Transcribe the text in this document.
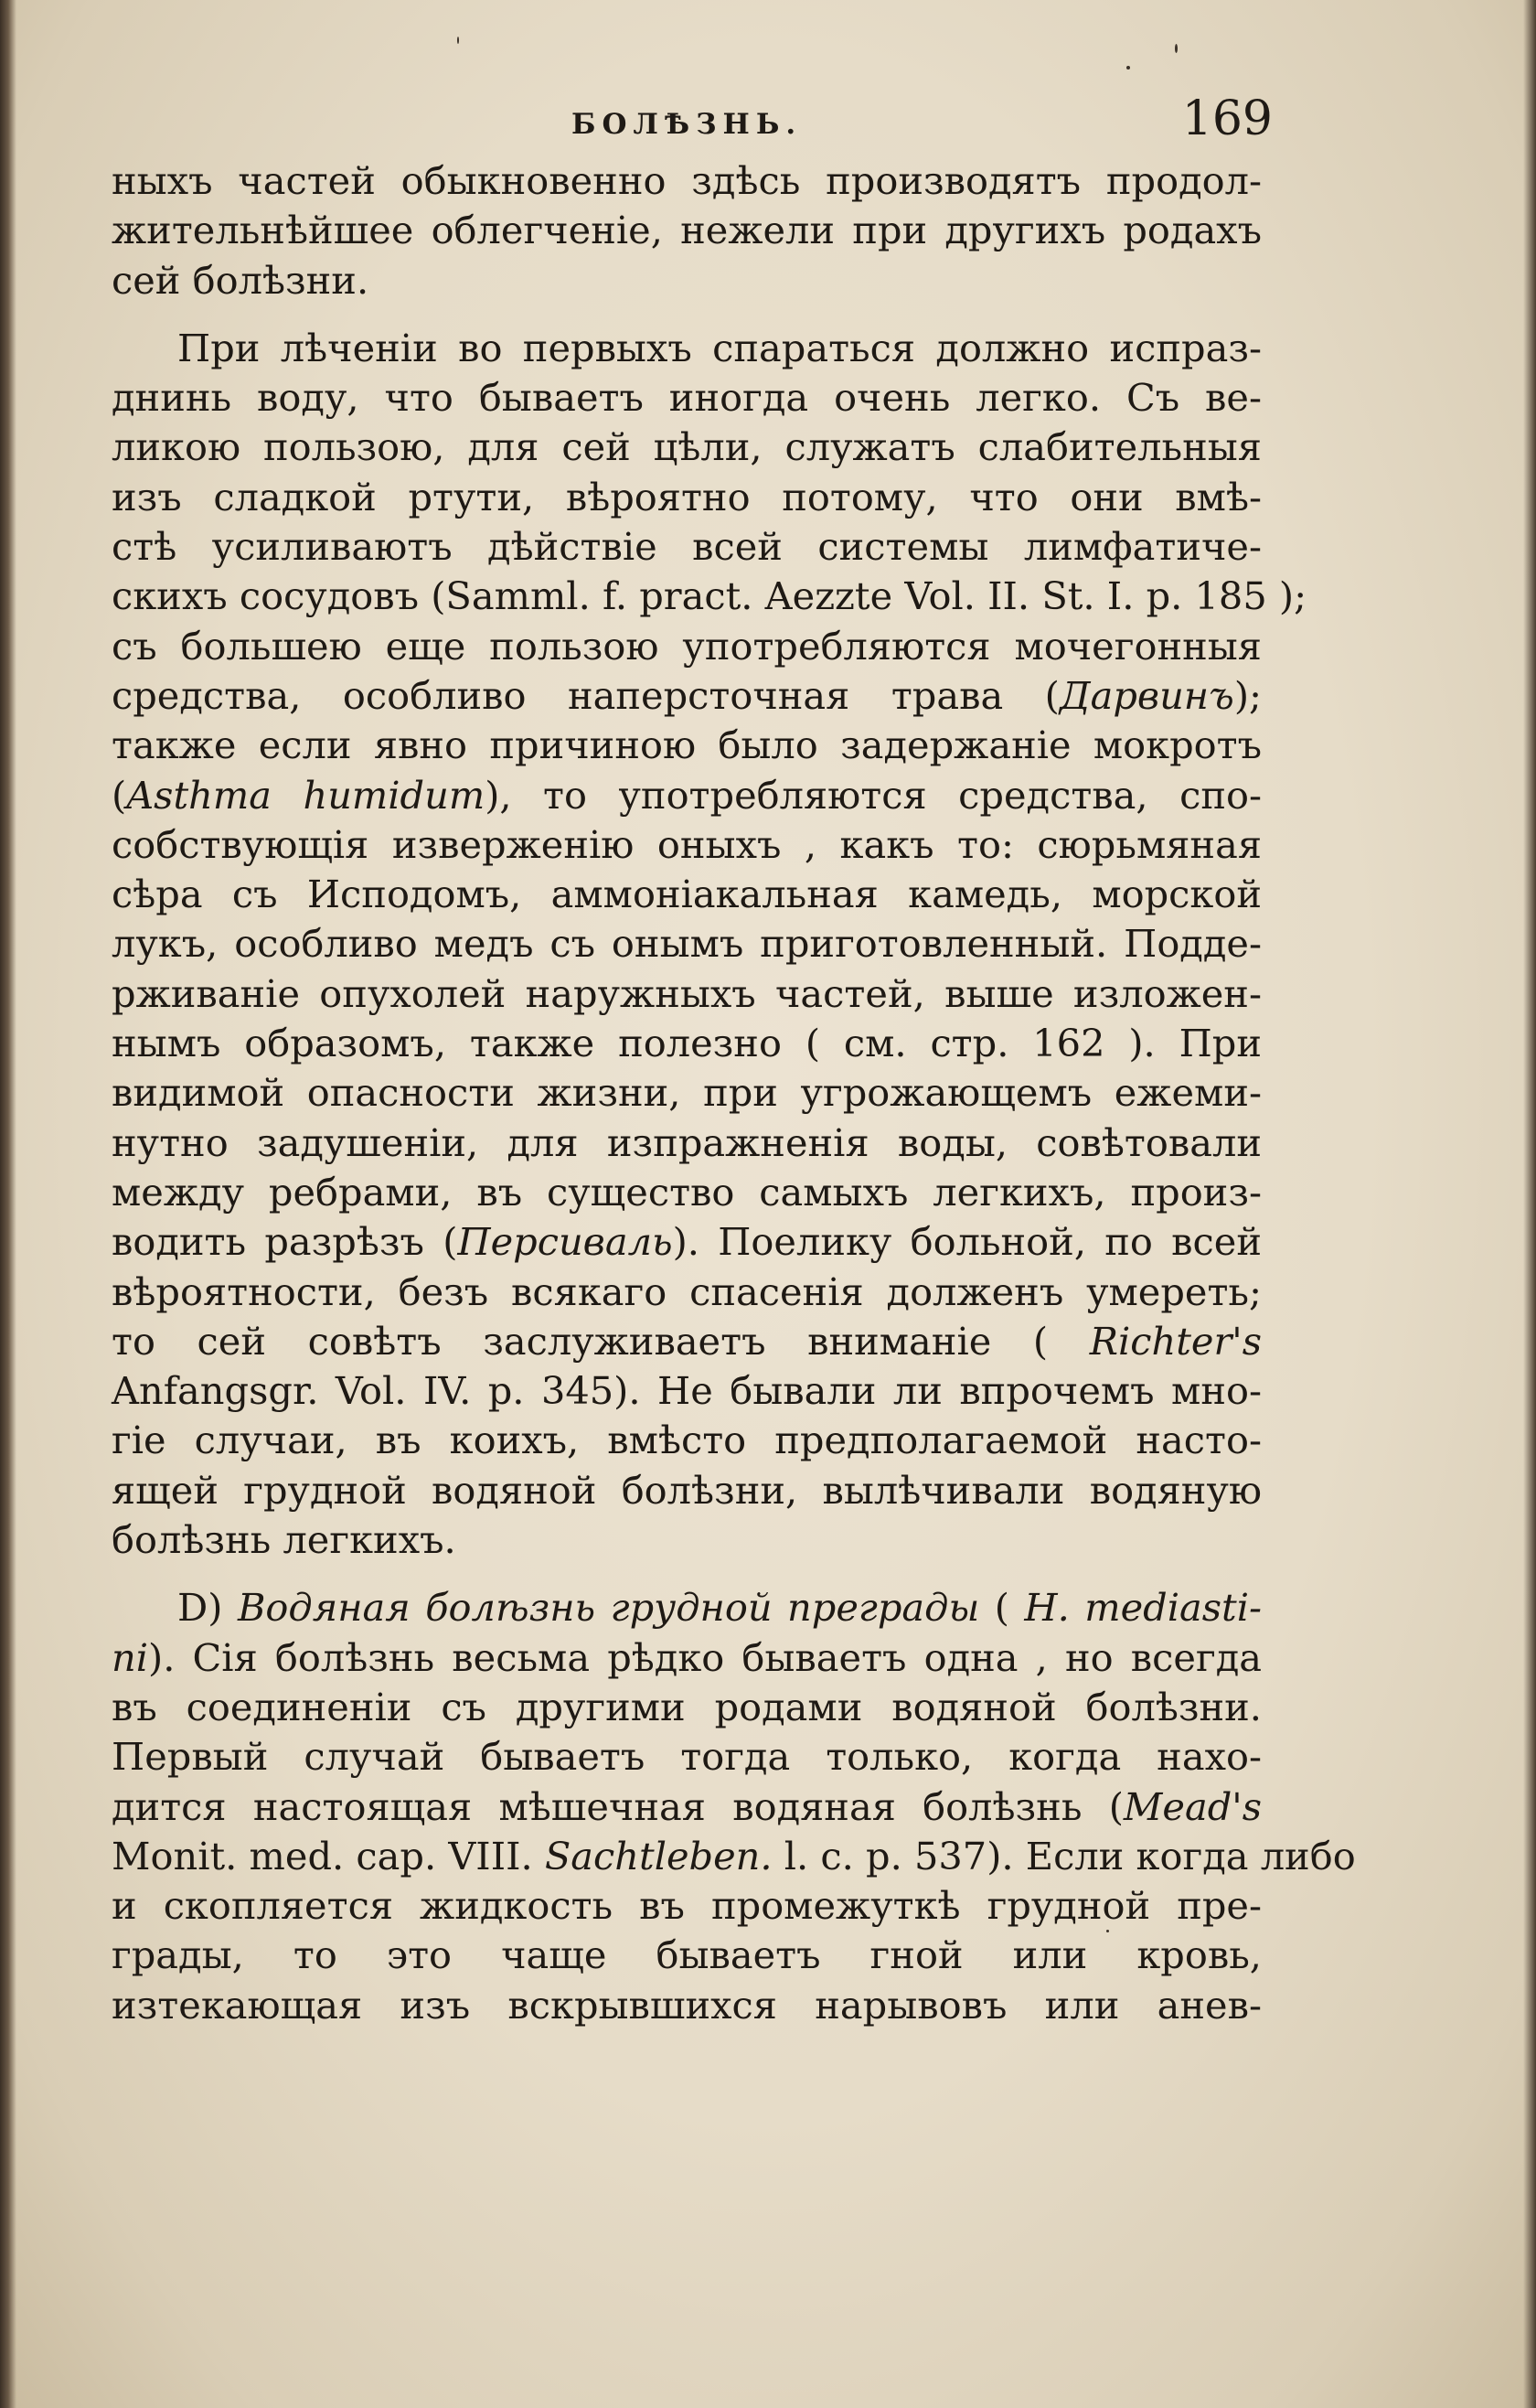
БОЛѢЗНЬ.	169
ныхъ частей обыкновенно здѣсь производятъ продол-
жительнѣйшее облегченіе, нежели при другихъ родахъ
сей болѣзни.
При лѣченіи во первыхъ спараться должно испраз-
днинь воду, что бываетъ иногда очень легко. Съ ве-
ликою пользою, для сей цѣли, служатъ слабительныя
изъ сладкой ртути, вѣроятно потому, что они вмѣ-
стѣ усиливаютъ дѣйствіе всей системы лимфатиче-
скихъ сосудовъ (Samml. f. pract. Aezzte Vol. II. St. I. p. 185 );
съ большею еще пользою употребляются мочегонныя
средства, особливо наперсточная трава (Дарвинъ);
также если явно причиною было задержаніе мокротъ
(Asthma humidum), то употребляются средства, спо-
собствующія изверженію оныхъ , какъ то: сюрьмяная
сѣра съ Исподомъ, аммоніакальная камедь, морской
лукъ, особливо медъ съ онымъ приготовленный. Подде-
рживаніе опухолей наружныхъ частей, выше изложен-
нымъ образомъ, также полезно ( см. стр. 162 ). При
видимой опасности жизни, при угрожающемъ ежеми-
нутно задушеніи, для изпражненія воды, совѣтовали
между ребрами, въ существо самыхъ легкихъ, произ-
водить разрѣзъ (Персиваль). Поелику больной, по всей
вѣроятности, безъ всякаго спасенія долженъ умереть;
то сей совѣтъ заслуживаетъ вниманіе ( Richter's
Anfangsgr. Vol. IV. p. 345). Не бывали ли впрочемъ мно-
гіе случаи, въ коихъ, вмѣсто предполагаемой насто-
ящей грудной водяной болѣзни, вылѣчивали водяную
болѣзнь легкихъ.
D) Водяная болѣзнь грудной преграды ( H. mediasti-
ni). Сія болѣзнь весьма рѣдко бываетъ одна , но всегда
въ соединеніи съ другими родами водяной болѣзни.
Первый случай бываетъ тогда только, когда нахо-
дится настоящая мѣшечная водяная болѣзнь (Mead's
Monit. med. cap. VIII. Sachtleben. l. c. p. 537). Если когда либо
и скопляется жидкость въ промежуткѣ грудной пре-
грады, то это чаще бываетъ гной или кровь,
изтекающая изъ вскрывшихся нарывовъ или анев-
